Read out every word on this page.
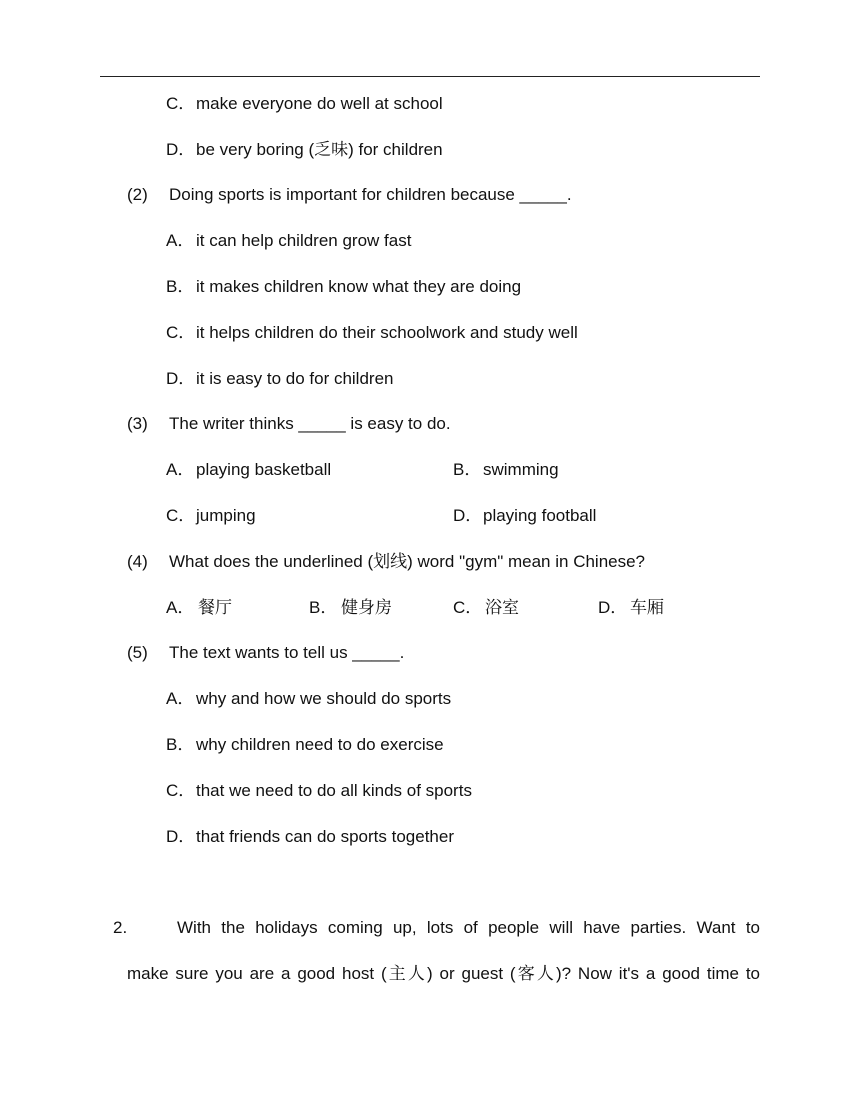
C．make everyone do well at school
D．be very boring (乏味) for children
(2) Doing sports is important for children because _____.
A．it can help children grow fast
B．it makes children know what they are doing
C．it helps children do their schoolwork and study well
D．it is easy to do for children
(3) The writer thinks _____ is easy to do.
A．playing basketball	B．swimming
C．jumping	D．playing football
(4) What does the underlined (划线) word "gym" mean in Chinese?
A． 餐厅	B． 健身房	C． 浴室	D． 车厢
(5) The text wants to tell us _____.
A．why and how we should do sports
B．why children need to do exercise
C．that we need to do all kinds of sports
D．that friends can do sports together
2.	With the holidays coming up, lots of people will have parties. Want to
make sure you are a good host (主人) or guest (客人)? Now it's a good time to
